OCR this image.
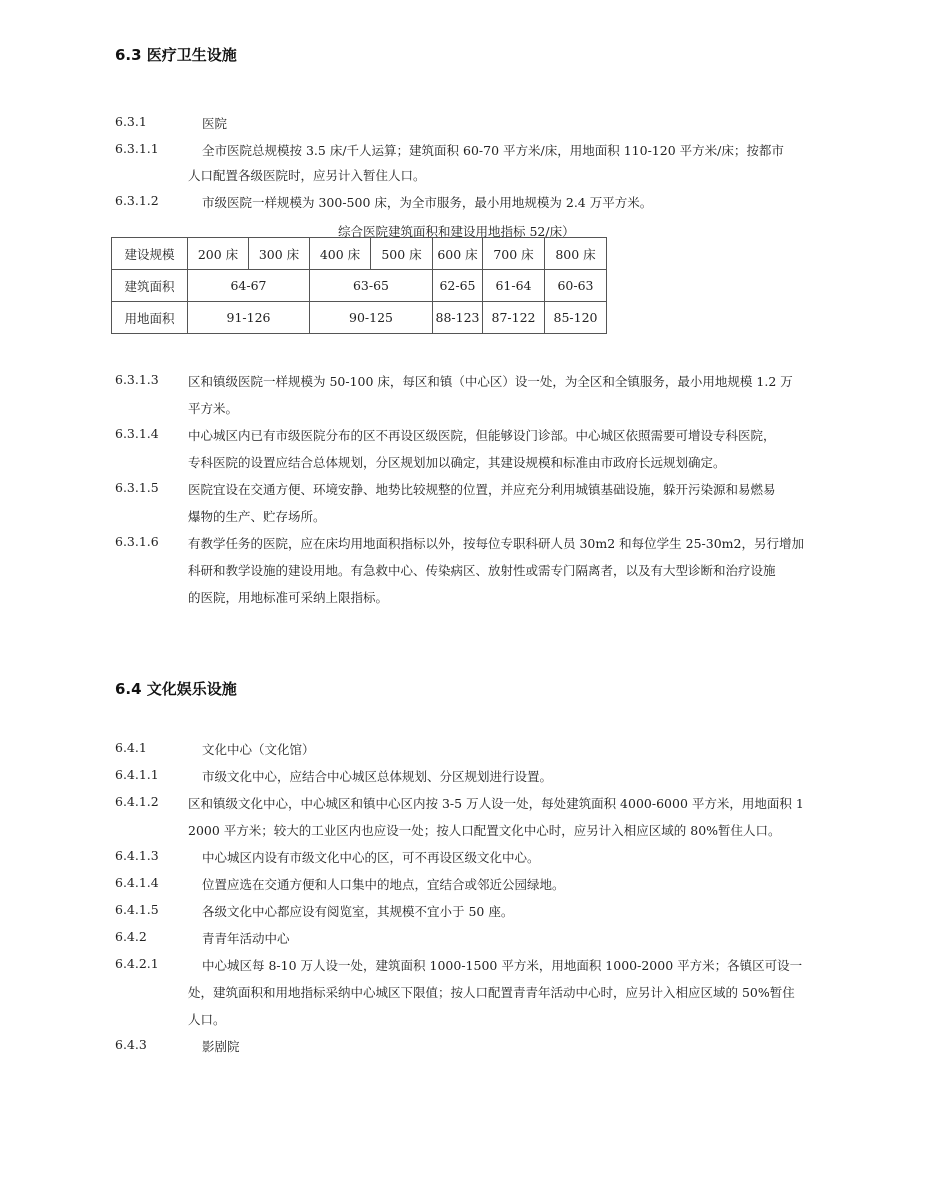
6.3 医疗卫生设施
6.3.1	医院
6.3.1.1	全市医院总规模按 3.5 床/千人运算；建筑面积 60-70 平方米/床，用地面积 110-120 平方米/床；按都市
人口配置各级医院时，应另计入暂住人口。
6.3.1.2	市级医院一样规模为 300-500 床，为全市服务，最小用地规模为 2.4 万平方米。
综合医院建筑面积和建设用地指标 52/床）
建设规模	200 床	300 床	400 床	500 床	600 床	700 床	800 床
建筑面积	64-67		63-65		62-65	61-64	60-63
用地面积	91-126		90-125		88-123	87-122	85-120
6.3.1.3 区和镇级医院一样规模为 50-100 床，每区和镇（中心区）设一处，为全区和全镇服务，最小用地规模 1.2 万
平方米。
6.3.1.4 中心城区内已有市级医院分布的区不再设区级医院，但能够设门诊部。中心城区依照需要可增设专科医院，
专科医院的设置应结合总体规划，分区规划加以确定，其建设规模和标准由市政府长远规划确定。
6.3.1.5 医院宜设在交通方便、环境安静、地势比较规整的位置，并应充分利用城镇基础设施，躲开污染源和易燃易
爆物的生产、贮存场所。
6.3.1.6 有教学任务的医院，应在床均用地面积指标以外，按每位专职科研人员 30m2 和每位学生 25-30m2，另行增加
科研和教学设施的建设用地。有急救中心、传染病区、放射性或需专门隔离者，以及有大型诊断和治疗设施
的医院，用地标准可采纳上限指标。
6.4 文化娱乐设施
6.4.1	文化中心（文化馆）
6.4.1.1	市级文化中心，应结合中心城区总体规划、分区规划进行设置。
6.4.1.2 区和镇级文化中心，中心城区和镇中心区内按 3-5 万人设一处，每处建筑面积 4000-6000 平方米，用地面积 1
2000 平方米；较大的工业区内也应设一处；按人口配置文化中心时，应另计入相应区域的 80%暂住人口。
6.4.1.3	中心城区内设有市级文化中心的区，可不再设区级文化中心。
6.4.1.4	位置应选在交通方便和人口集中的地点，宜结合或邻近公园绿地。
6.4.1.5	各级文化中心都应设有阅览室，其规模不宜小于 50 座。
6.4.2	青青年活动中心
6.4.2.1	中心城区每 8-10 万人设一处，建筑面积 1000-1500 平方米，用地面积 1000-2000 平方米；各镇区可设一
处，建筑面积和用地指标采纳中心城区下限值；按人口配置青青年活动中心时，应另计入相应区域的 50%暂住
人口。
6.4.3	影剧院
